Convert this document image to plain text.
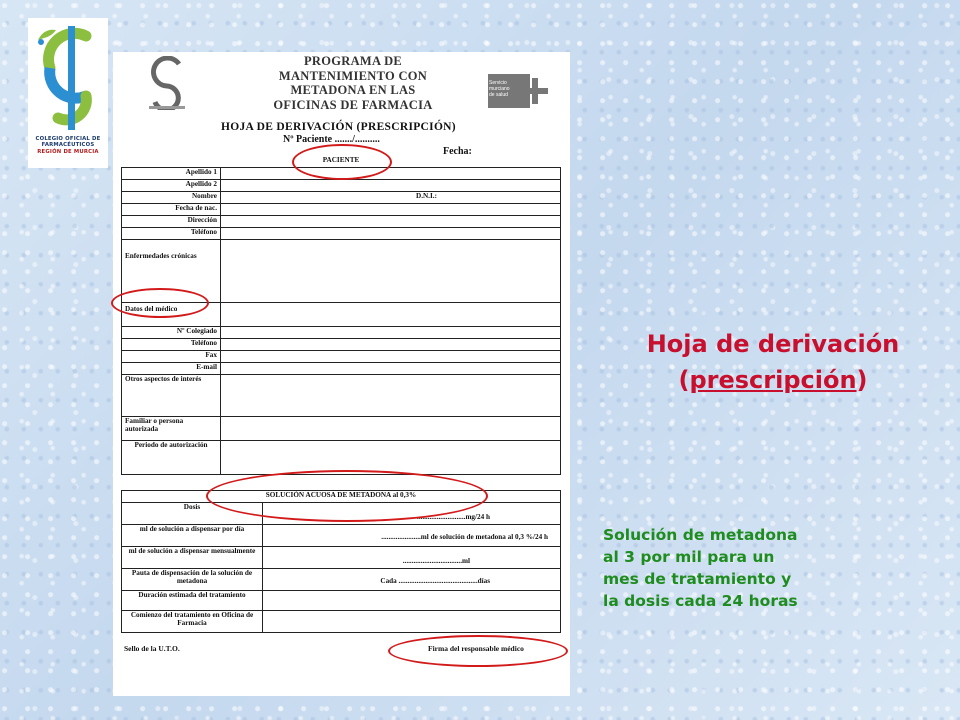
COLEGIO OFICIAL DE
FARMACÉUTICOS
REGIÓN DE MURCIA
PROGRAMA DE
MANTENIMIENTO CON
METADONA EN LAS
OFICINAS DE FARMACIA
Servicio
murciano
de salud
HOJA DE DERIVACIÓN (PRESCRIPCIÓN)
Nº Paciente ......./..........
Fecha:
PACIENTE	
Apellido 1	
Apellido 2	
Nombre	D.N.I.:
Fecha de nac.	
Dirección	
Teléfono	
Enfermedades crónicas	
Datos del médico	
Nº Colegiado	
Teléfono	
Fax	
E-mail	
Otros aspectos de interés	
Familiar o persona autorizada	
Periodo de autorización	
SOLUCIÓN ACUOSA DE METADONA al 0,3%	
Dosis	...........................mg/24 h
ml de solución a dispensar por día	......................ml de solución de metadona al 0,3 %/24 h
ml de solución a dispensar mensualmente	.................................ml
Pauta de dispensación de la solución de metadona	Cada ............................................días
Duración estimada del tratamiento	
Comienzo del tratamiento en Oficina de Farmacia	
Sello de la U.T.O.	Firma del responsable médico
Hoja de derivación
(prescripción)
Solución de metadona
al 3 por mil para un
mes de tratamiento y
la dosis cada 24 horas
